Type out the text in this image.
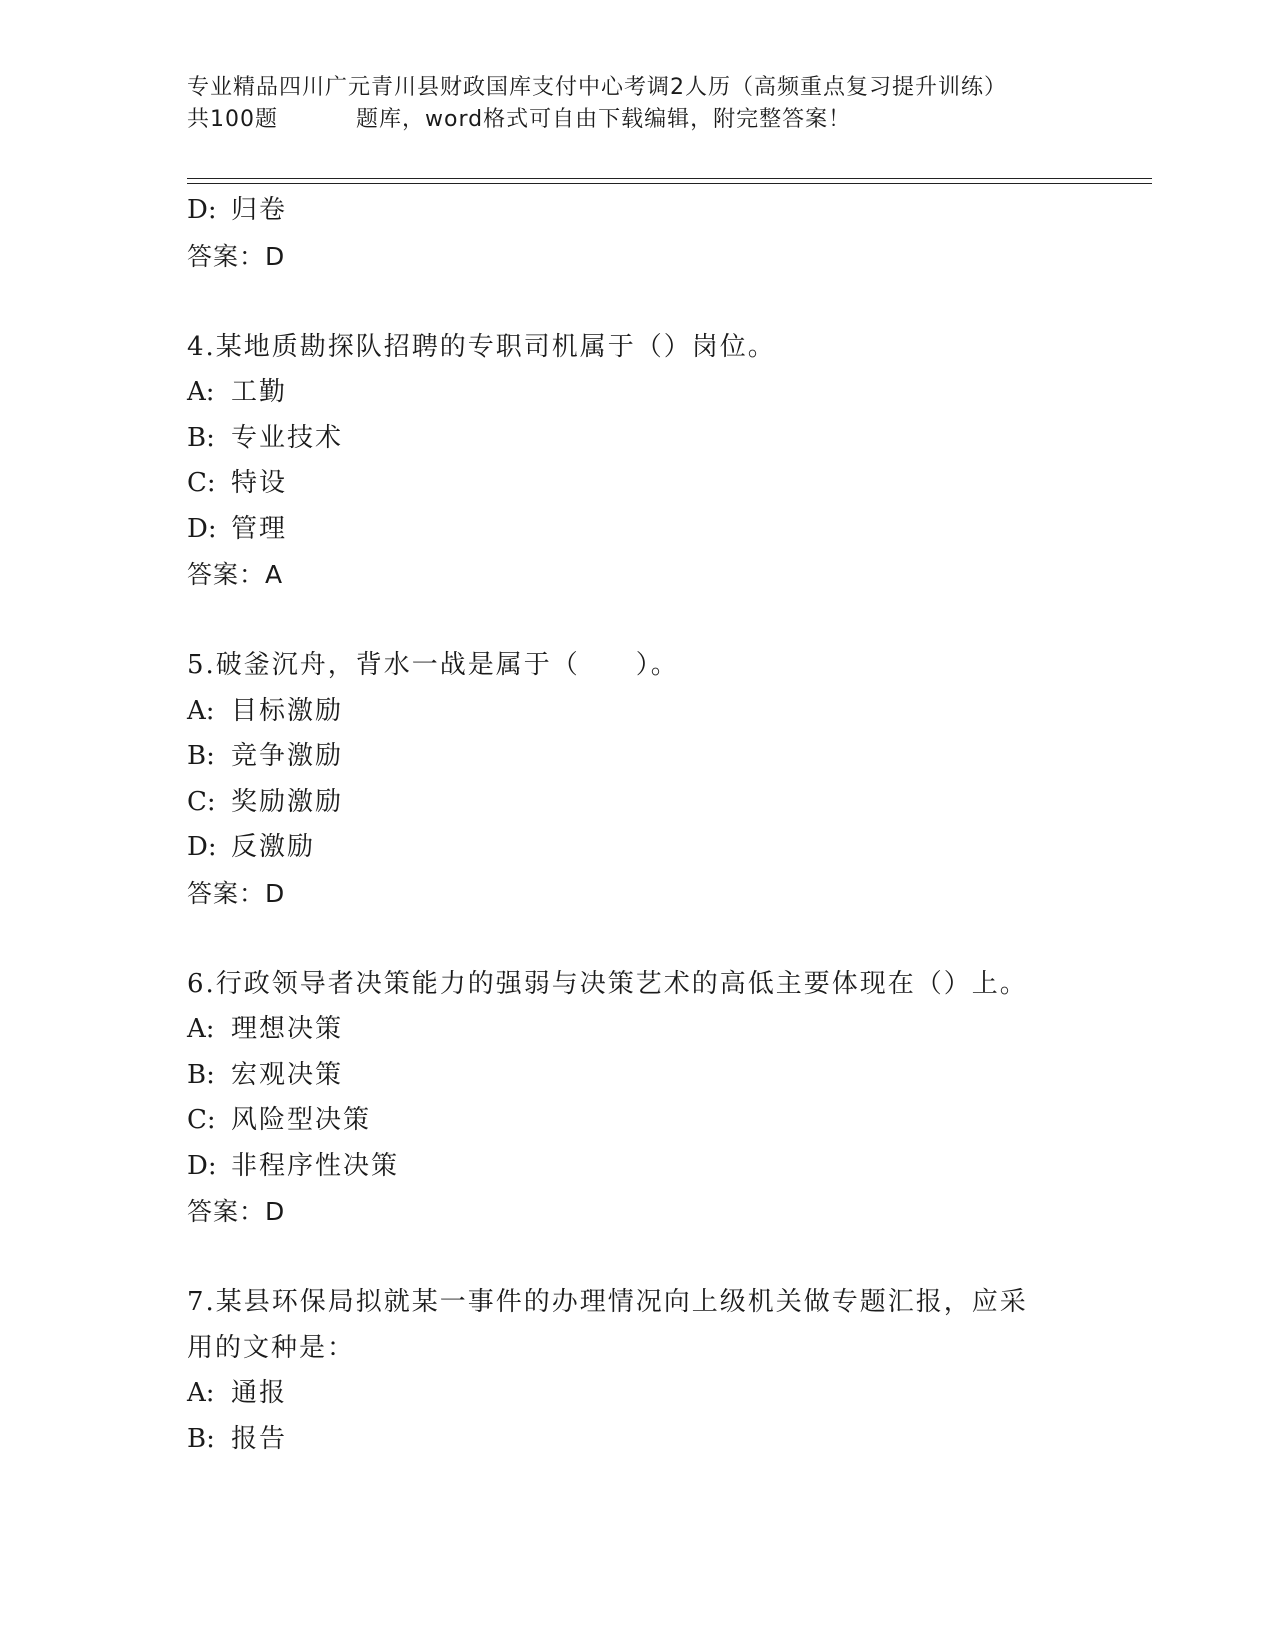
专业精品四川广元青川县财政国库支付中心考调2人历（高频重点复习提升训练）
共100题	题库，word格式可自由下载编辑，附完整答案！
D: 归卷
答案：D
4.某地质勘探队招聘的专职司机属于（）岗位。
A: 工勤
B: 专业技术
C: 特设
D: 管理
答案：A
5.破釜沉舟，背水一战是属于（　　）。
A: 目标激励
B: 竞争激励
C: 奖励激励
D: 反激励
答案：D
6.行政领导者决策能力的强弱与决策艺术的高低主要体现在（）上。
A: 理想决策
B: 宏观决策
C: 风险型决策
D: 非程序性决策
答案：D
7.某县环保局拟就某一事件的办理情况向上级机关做专题汇报，应采
用的文种是：
A: 通报
B: 报告
